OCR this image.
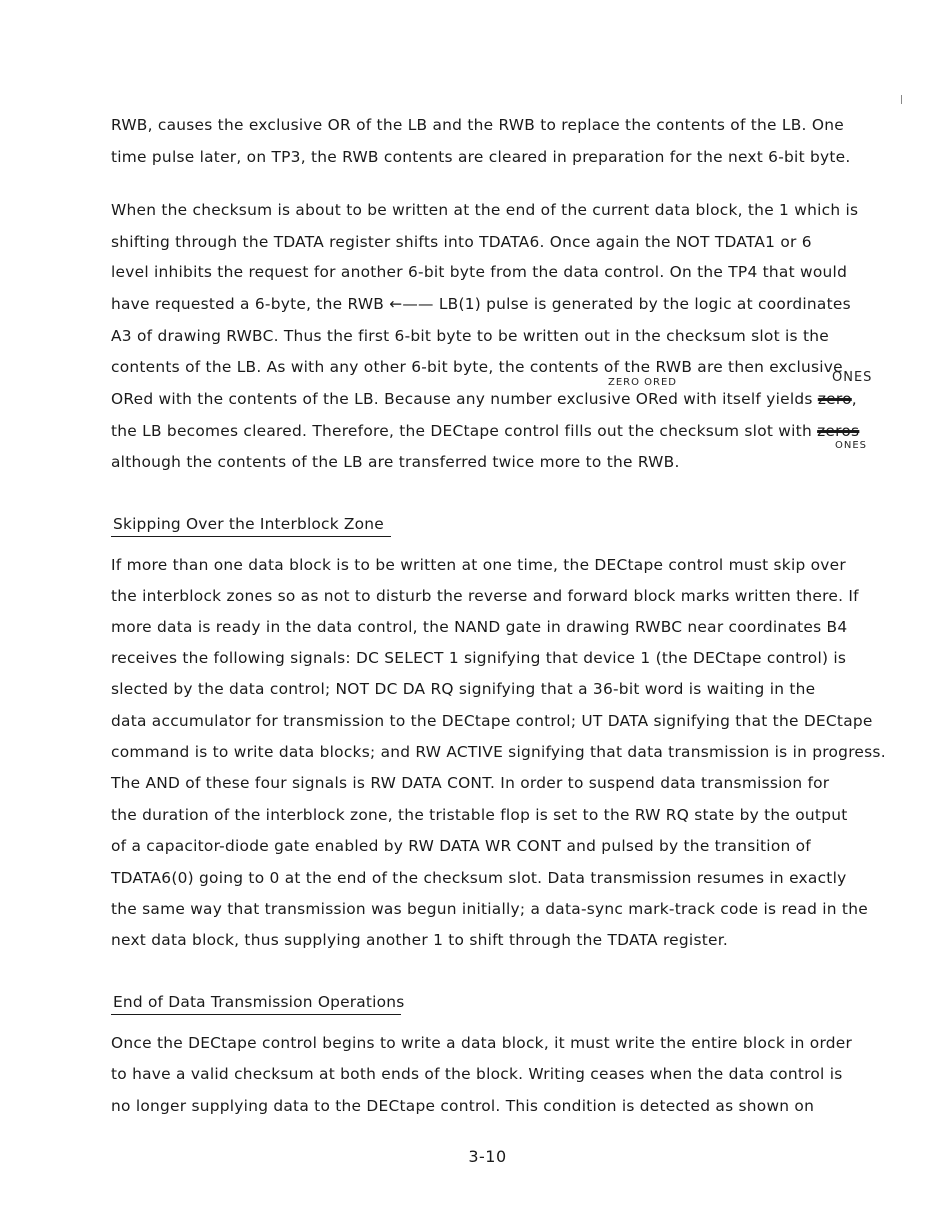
RWB, causes the exclusive OR of the LB and the RWB to replace the contents of the LB. One
time pulse later, on TP3, the RWB contents are cleared in preparation for the next 6-bit byte.
When the checksum is about to be written at the end of the current data block, the 1 which is
shifting through the TDATA register shifts into TDATA6. Once again the NOT TDATA1 or 6
level inhibits the request for another 6-bit byte from the data control. On the TP4 that would
have requested a 6-byte, the RWB ←—— LB(1) pulse is generated by the logic at coordinates
A3 of drawing RWBC. Thus the first 6-bit byte to be written out in the checksum slot is the
contents of the LB. As with any other 6-bit byte, the contents of the RWB are then exclusive
ZERO ORED	ONES
ORed with the contents of the LB. Because any number exclusive ORed with itself yields zero,
the LB becomes cleared. Therefore, the DECtape control fills out the checksum slot with zeros
ONES
although the contents of the LB are transferred twice more to the RWB.
Skipping Over the Interblock Zone
If more than one data block is to be written at one time, the DECtape control must skip over
the interblock zones so as not to disturb the reverse and forward block marks written there. If
more data is ready in the data control, the NAND gate in drawing RWBC near coordinates B4
receives the following signals: DC SELECT 1 signifying that device 1 (the DECtape control) is
slected by the data control; NOT DC DA RQ signifying that a 36-bit word is waiting in the
data accumulator for transmission to the DECtape control; UT DATA signifying that the DECtape
command is to write data blocks; and RW ACTIVE signifying that data transmission is in progress.
The AND of these four signals is RW DATA CONT. In order to suspend data transmission for
the duration of the interblock zone, the tristable flop is set to the RW RQ state by the output
of a capacitor-diode gate enabled by RW DATA WR CONT and pulsed by the transition of
TDATA6(0) going to 0 at the end of the checksum slot. Data transmission resumes in exactly
the same way that transmission was begun initially; a data-sync mark-track code is read in the
next data block, thus supplying another 1 to shift through the TDATA register.
End of Data Transmission Operations
Once the DECtape control begins to write a data block, it must write the entire block in order
to have a valid checksum at both ends of the block. Writing ceases when the data control is
no longer supplying data to the DECtape control. This condition is detected as shown on
3-10
